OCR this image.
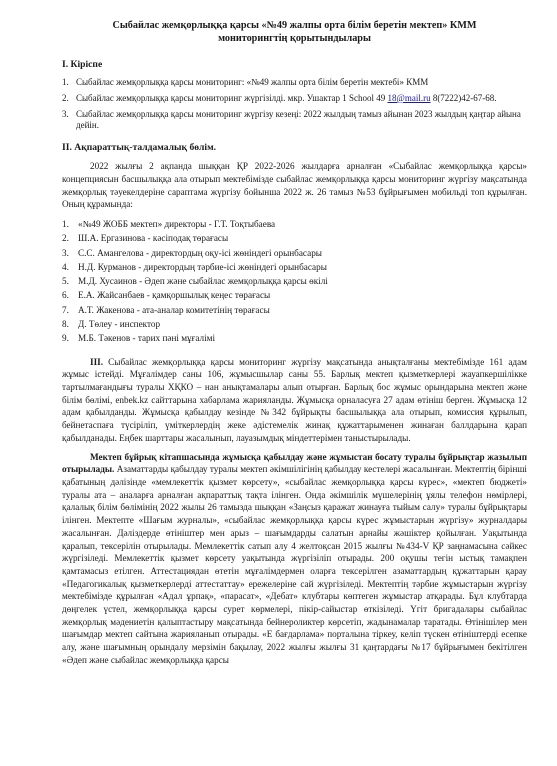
Сыбайлас жемқорлыққа қарсы «№49 жалпы орта білім беретін мектеп» КММ
мониторингтің қорытындылары
I. Кіріспе
1. Сыбайлас жемқорлыққа қарсы мониторинг: «№49 жалпы орта білім беретін мектебі» КММ
2. Сыбайлас жемқорлыққа қарсы мониторинг жүргізілді. мкр. Ушактар 1 School 49 18@mail.ru 8(7222)42-67-68.
3. Сыбайлас жемқорлыққа қарсы мониторинг жүргізу кезеңі: 2022 жылдың тамыз айынан 2023 жылдың қаңтар айына дейін.
II. Ақпараттық-талдамалық бөлім.

2022 жылғы 2 ақпанда шыққан ҚР 2022-2026 жылдарға арналған «Сыбайлас жемқорлыққа қарсы» концепциясын басшылыққа ала отырып мектебімізде сыбайлас жемқорлыққа қарсы мониторинг жүргізу мақсатында жемқорлық тәуекелдеріне сараптама жүргізу бойынша 2022 ж. 26 тамыз №53 бұйрығымен мобильді топ құрылған. Оның құрамында:

1. «№49 ЖОББ мектеп» директоры - Г.Т. Тоқтыбаева
2. Ш.А. Ергазинова - кәсіподақ төрағасы
3. С.С. Амангелова - директордың оқу-ісі жөніндегі орынбасары
4. Н.Д. Курманов - директордың тәрбие-ісі жөніндегі орынбасары
5. М.Д. Хусаинов - Әдеп және сыбайлас жемқорлыққа қарсы өкілі
6. Е.А. Жайсанбаев - қамқоршылық кеңес төрағасы
7. А.Т. Жакенова - ата-аналар комитетінің төрағасы
8. Д. Төлеу - инспектор
9. М.Б. Тәкенов - тарих пәні мұғалімі

III. Сыбайлас жемқорлыққа қарсы мониторинг жүргізу мақсатында анықталғаны мектебімізде 161 адам жұмыс істейді. Мұғалімдер саны 106, жұмысшылар саны 55. Барлық мектеп қызметкерлері жауапкершілікке тартылмағандығы туралы ХҚКО – нан анықтамалары алып отырған. Барлық бос жұмыс орындарына мектеп және білім бөлімі, enbek.kz сайттарына хабарлама жарияланды. Жұмысқа орналасуға 27 адам өтініш берген. Жұмысқа 12 адам қабылданды. Жұмысқа қабылдау кезінде №342 бұйрықты басшылыққа ала отырып, комиссия құрылып, бейнетаспаға түсіріліп, үміткерлердің жеке әдістемелік жинақ құжаттарыменен жинаған баллдарына қарап қабылданады. Еңбек шарттары жасалынып, лауазымдық міндеттерімен таныстырылады.

Мектеп бұйрық кітапшасында жұмысқа қабылдау және жұмыстан босату туралы бұйрықтар жазылып отырылады. Азаматтарды қабылдау туралы мектеп әкімшілігінің қабылдау кестелері жасалынған. Мектептің бірінші қабатының дәлізінде «мемлекеттік қызмет көрсету», «сыбайлас жемқорлыққа қарсы күрес», «мектеп бюджеті» туралы ата – аналарға арналған ақпараттық тақта ілінген. Онда әкімшілік мүшелерінің ұялы телефон нөмірлері, қалалық білім бөлімінің 2022 жылы 26 тамызда шыққан «Заңсыз қаражат жинауға тыйым салу» туралы бұйрықтары ілінген. Мектепте «Шағым журналы», «сыбайлас жемқорлыққа қарсы күрес жұмыстарын жүргізу» журналдары жасалынған. Дәліздерде өтініштер мен арыз – шағымдарды салатын арнайы жәшіктер қойылған. Уақытында қаралып, тексерілін отырылады. Мемлекеттік сатып алу 4 желтоқсан 2015 жылғы №434-V ҚР заңнамасына сәйкес жүргізіледі. Мемлекеттік қызмет көрсету уақытында жүргізіліп отырады. 200 оқушы тегін ыстық тамақпен қамтамасыз етілген. Аттестациядан өтетін мұғалімдермен оларға тексерілген азаматтардың құжаттарын қарау «Педагогикалық қызметкерлерді аттестаттау» ережелеріне сай жүргізіледі. Мектептің тәрбие жұмыстарын жүргізу мектебімізде құрылған «Адал ұрпақ», «парасат», «Дебат» клубтары көптеген жұмыстар атқарады. Бұл клубтарда дөңгелек үстел, жемқорлыққа қарсы сурет көрмелері, пікір-сайыстар өткізіледі. Үгіт бригадалары сыбайлас жемқорлық мәдениетін қалыптастыру мақсатында бейнероликтер көрсетіп, жадынамалар таратады. Өтінішілер мен шағымдар мектеп сайтына жарияланып отырады. «Е бағдарлама» порталына тіркеу, келіп түскен өтініштерді есепке алу, және шағымның орындалу мерзімін бақылау, 2022 жылғы жылғы 31 қаңтардағы №17 бұйрығымен бекітілген «Әдеп және сыбайлас жемқорлыққа қарсы
